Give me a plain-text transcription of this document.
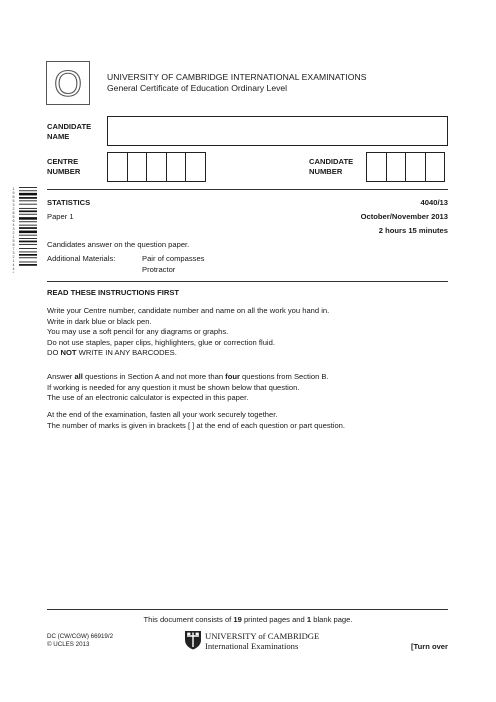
O	UNIVERSITY OF CAMBRIDGE INTERNATIONAL EXAMINATIONS
General Certificate of Education Ordinary Level
CANDIDATE
NAME
CENTRE
NUMBER
CANDIDATE
NUMBER
1
9
8
5
3
2
8
5
6
4
3
2
1
5
8
7
3
2
1
4
4
*
STATISTICS	4040/13
Paper 1	October/November 2013
2 hours 15 minutes
Candidates answer on the question paper.
Additional Materials:	Pair of compasses
Protractor
READ THESE INSTRUCTIONS FIRST
Write your Centre number, candidate number and name on all the work you hand in.
Write in dark blue or black pen.
You may use a soft pencil for any diagrams or graphs.
Do not use staples, paper clips, highlighters, glue or correction fluid.
DO NOT WRITE IN ANY BARCODES.
Answer all questions in Section A and not more than four questions from Section B.
If working is needed for any question it must be shown below that question.
The use of an electronic calculator is expected in this paper.
At the end of the examination, fasten all your work securely together.
The number of marks is given in brackets [ ] at the end of each question or part question.
This document consists of 19 printed pages and 1 blank page.
DC (CW/CGW) 66919/2
© UCLES 2013
UNIVERSITY of CAMBRIDGE
International Examinations	[Turn over
